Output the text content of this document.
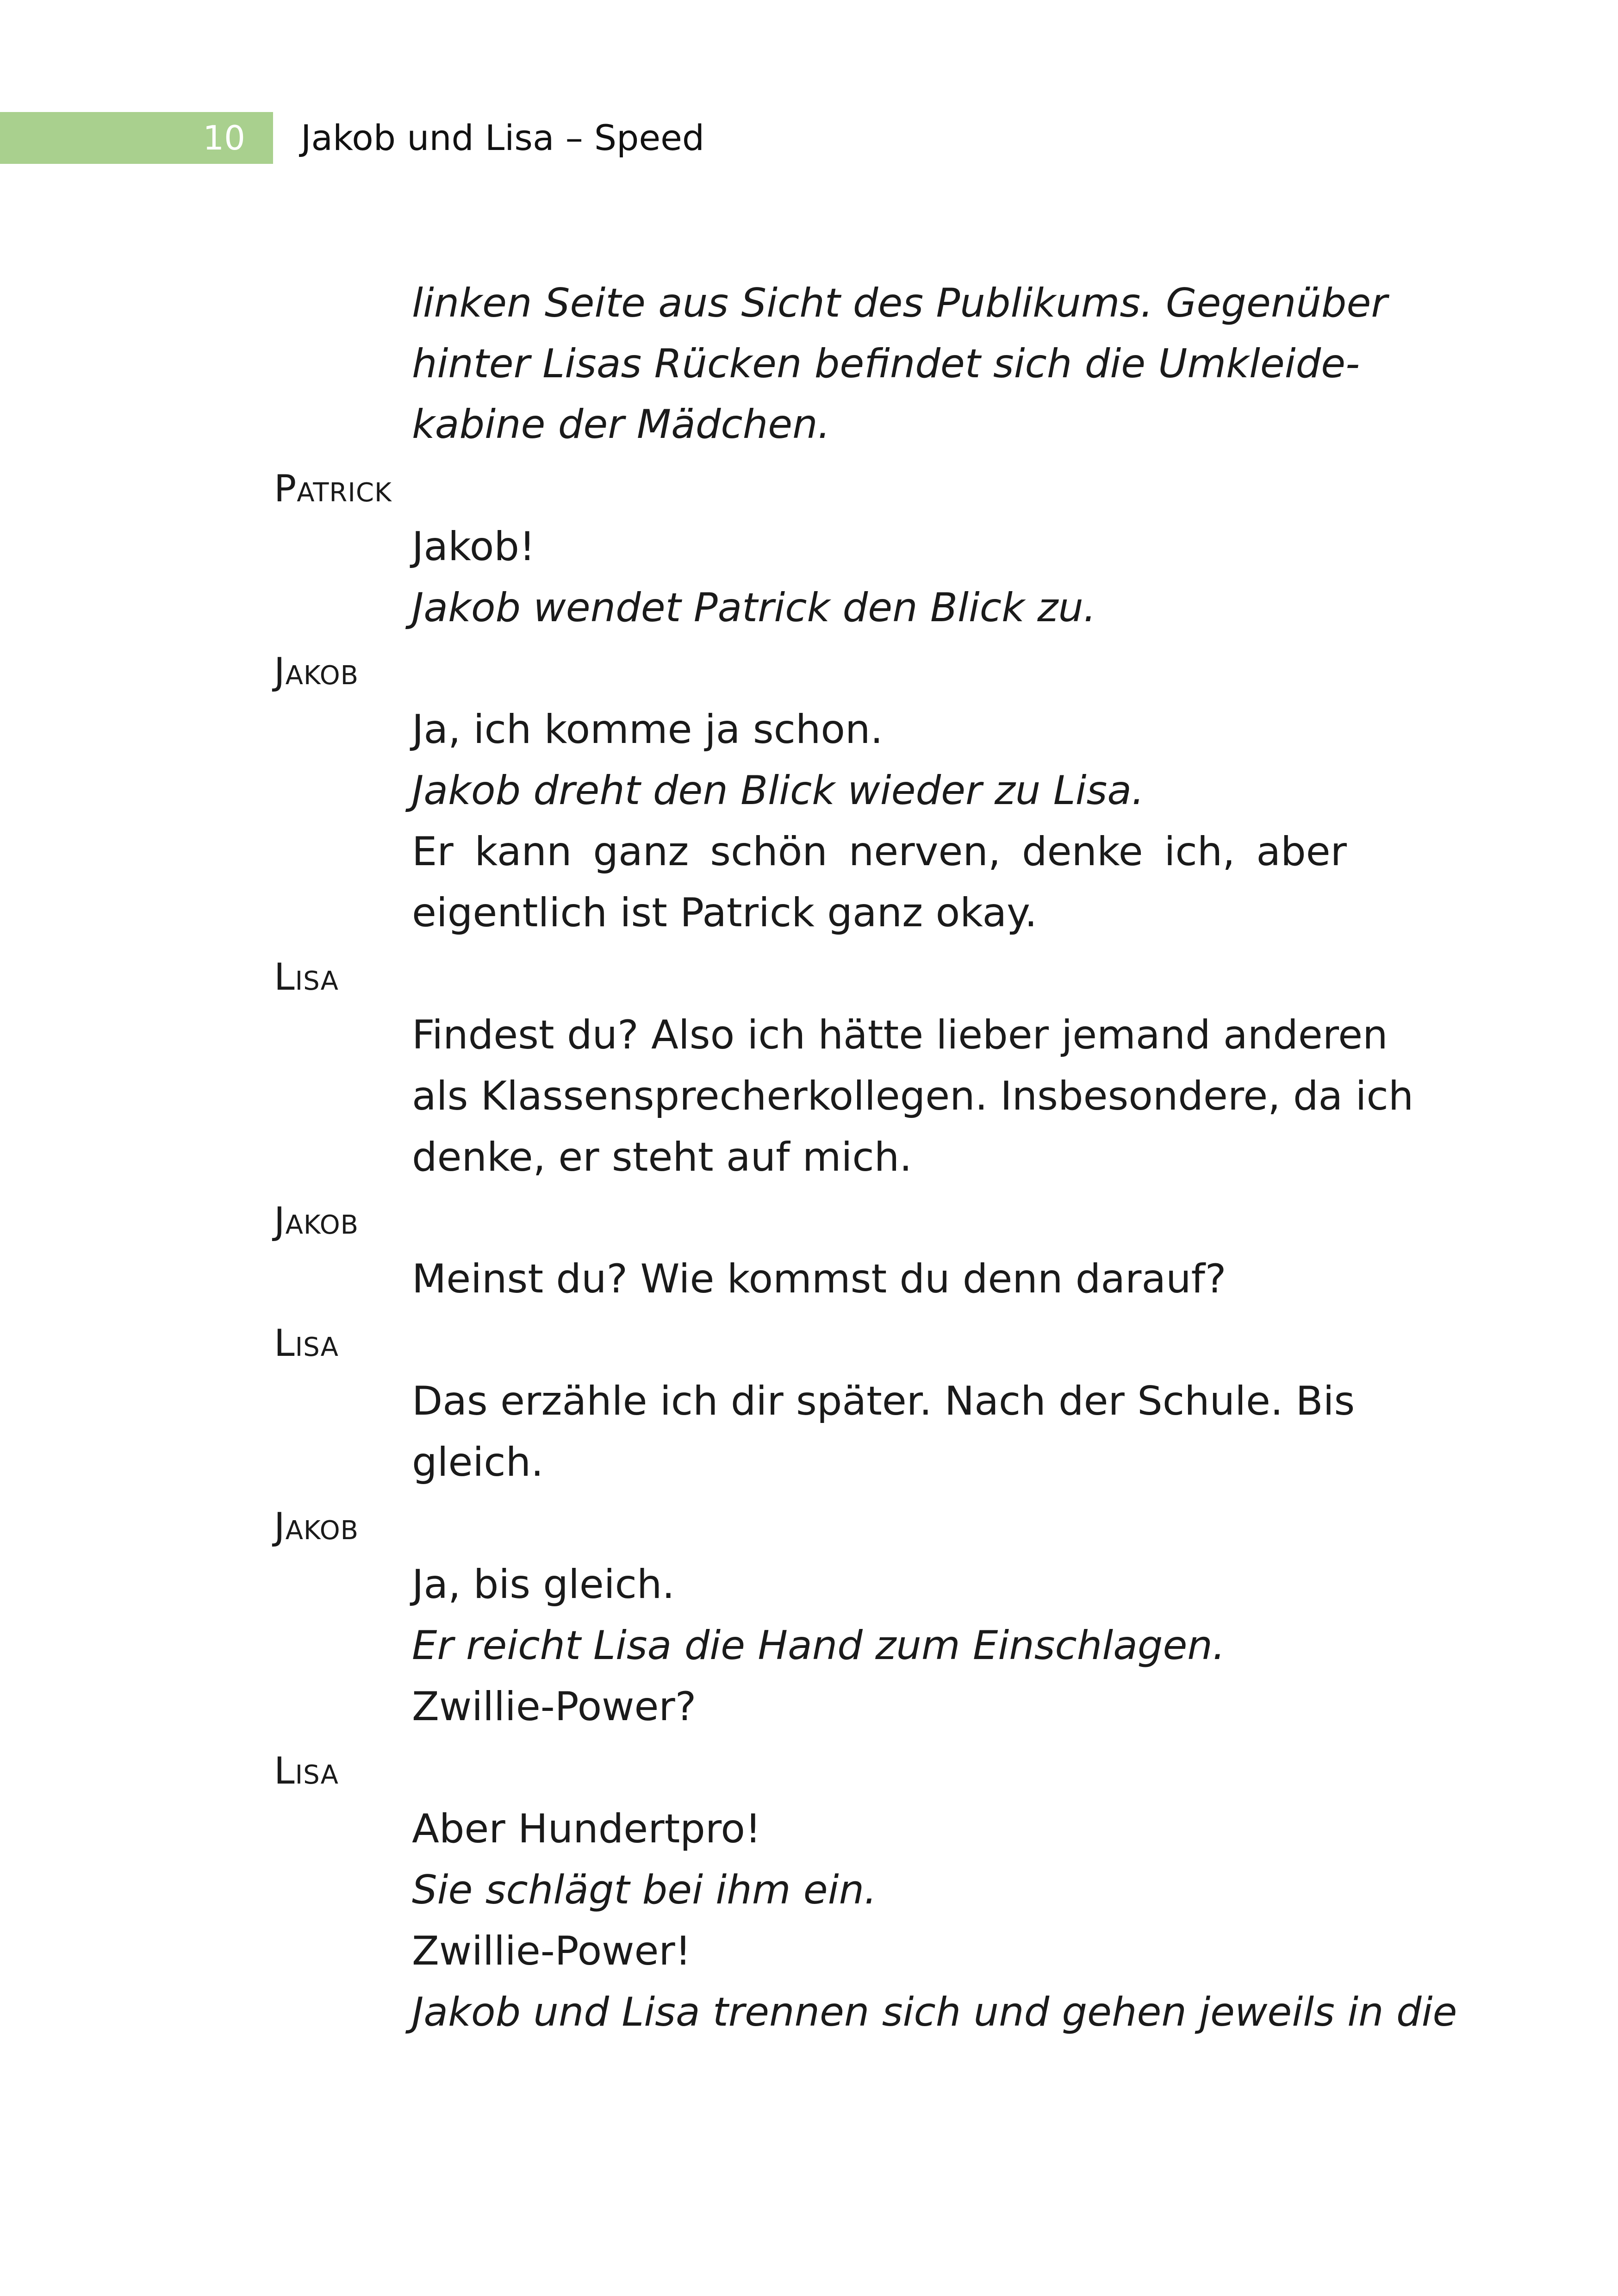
10 Jakob und Lisa – Speed
linken Seite aus Sicht des Publikums. Gegenüber
hinter Lisas Rücken befindet sich die Umkleide-
kabine der Mädchen.
Patrick
Jakob!
Jakob wendet Patrick den Blick zu.
Jakob
Ja, ich komme ja schon.
Jakob dreht den Blick wieder zu Lisa.
Er kann ganz schön nerven, denke ich, aber
eigentlich ist Patrick ganz okay.
Lisa
Findest du? Also ich hätte lieber jemand anderen
als Klassensprecherkollegen. Insbesondere, da ich
denke, er steht auf mich.
Jakob
Meinst du? Wie kommst du denn darauf?
Lisa
Das erzähle ich dir später. Nach der Schule. Bis
gleich.
Jakob
Ja, bis gleich.
Er reicht Lisa die Hand zum Einschlagen.
Zwillie-Power?
Lisa
Aber Hundertpro!
Sie schlägt bei ihm ein.
Zwillie-Power!
Jakob und Lisa trennen sich und gehen jeweils in die
